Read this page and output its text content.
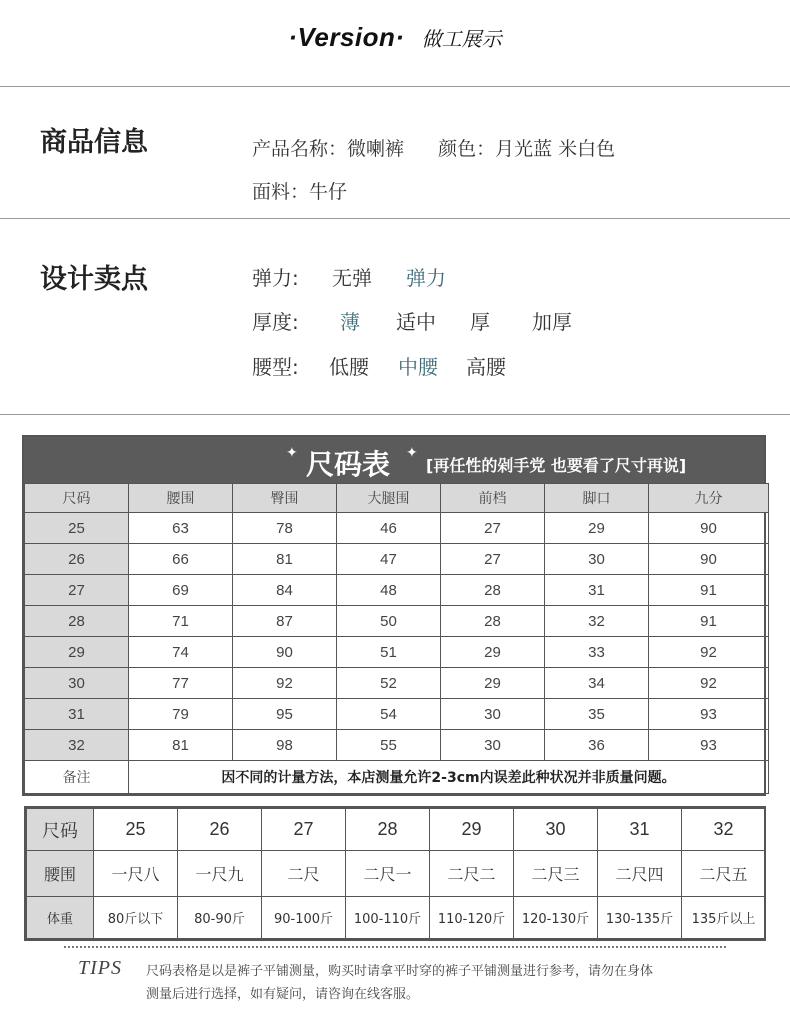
·Version· 做工展示
商品信息	产品名称：微喇裤 颜色：月光蓝 米白色
面料：牛仔
设计卖点	弹力: 无弹 弹力
厚度: 薄 适中 厚 加厚
腰型: 低腰 中腰 高腰
✦ 尺码表 ✦
[再任性的剁手党 也要看了尺寸再说]
尺码	腰围	臀围	大腿围	前档	脚口	九分
25	63	78	46	27	29	90
26	66	81	47	27	30	90
27	69	84	48	28	31	91
28	71	87	50	28	32	91
29	74	90	51	29	33	92
30	77	92	52	29	34	92
31	79	95	54	30	35	93
32	81	98	55	30	36	93
备注	因不同的计量方法，本店测量允许2-3cm内误差此种状况并非质量问题。					
尺码	25	26	27	28	29	30	31	32
腰围	一尺八	一尺九	二尺	二尺一	二尺二	二尺三	二尺四	二尺五
体重	80斤以下	80-90斤	90-100斤	100-110斤	110-120斤	120-130斤	130-135斤	135斤以上
TIPS 尺码表格是以是裤子平铺测量，购买时请拿平时穿的裤子平铺测量进行参考，请勿在身体
测量后进行选择，如有疑问，请咨询在线客服。
